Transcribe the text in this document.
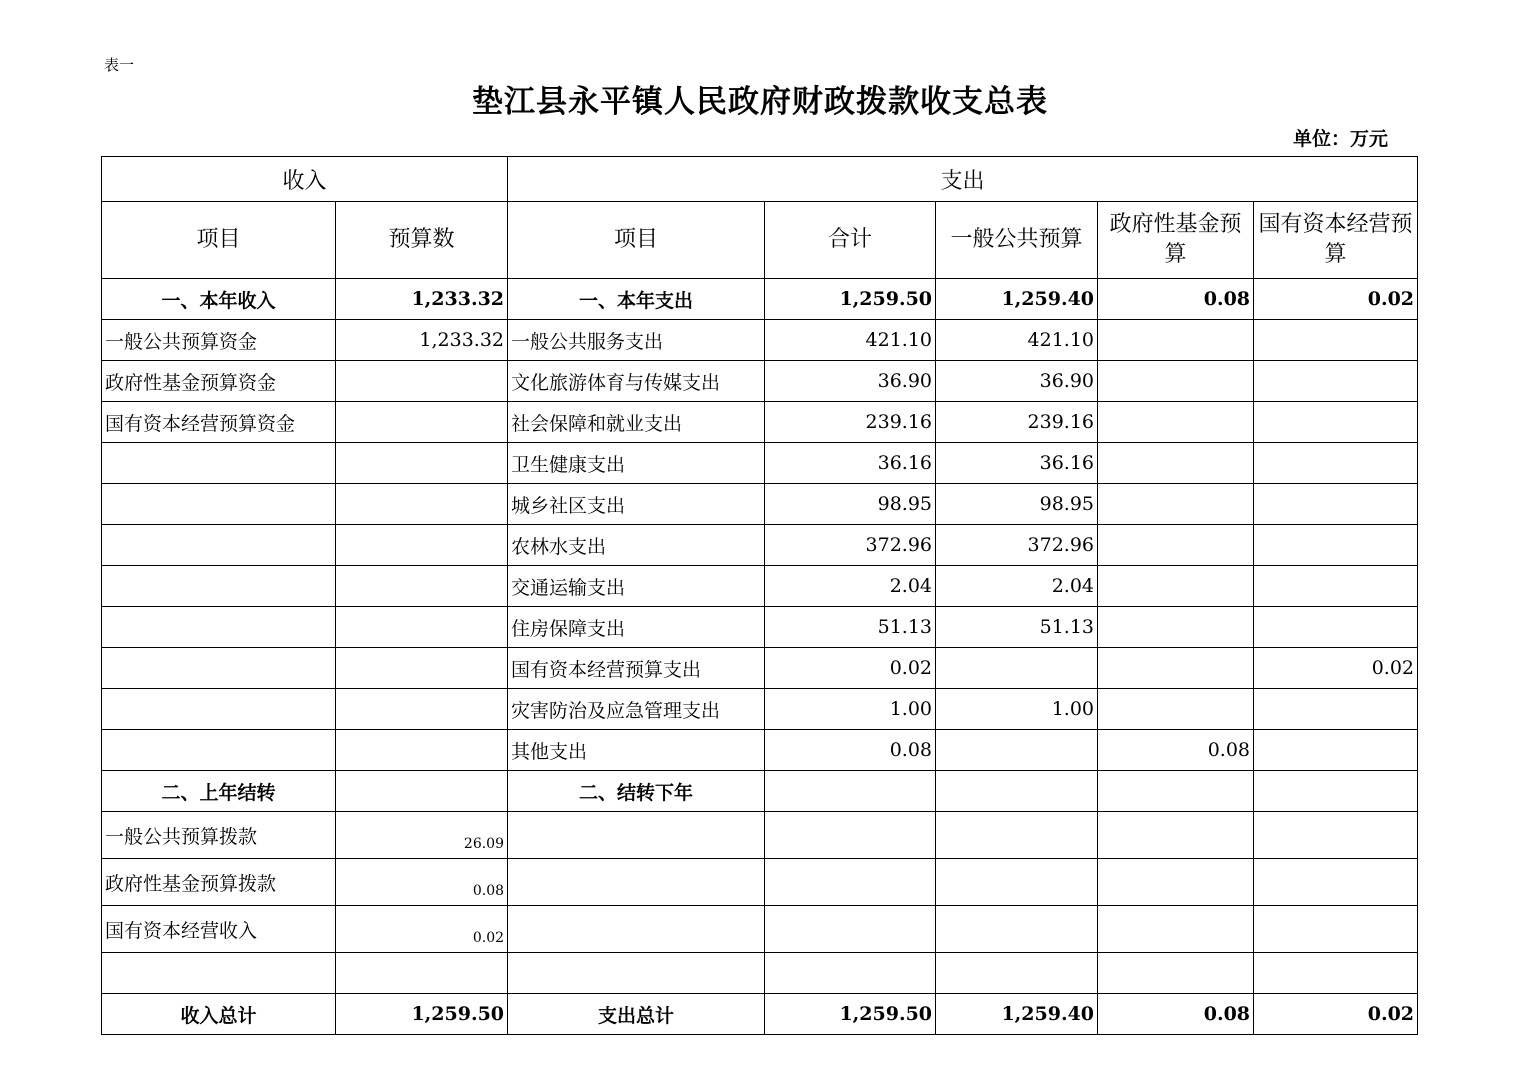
表一
垫江县永平镇人民政府财政拨款收支总表
单位：万元
收入		支出				
项目	预算数	项目	合计	一般公共预算	政府性基金预算	国有资本经营预算
一、本年收入	1,233.32	一、本年支出	1,259.50	1,259.40	0.08	0.02
一般公共预算资金	1,233.32	一般公共服务支出	421.10	421.10		
政府性基金预算资金		文化旅游体育与传媒支出	36.90	36.90		
国有资本经营预算资金		社会保障和就业支出	239.16	239.16		
		卫生健康支出	36.16	36.16		
		城乡社区支出	98.95	98.95		
		农林水支出	372.96	372.96		
		交通运输支出	2.04	2.04		
		住房保障支出	51.13	51.13		
		国有资本经营预算支出	0.02			0.02
		灾害防治及应急管理支出	1.00	1.00		
		其他支出	0.08		0.08	
二、上年结转		二、结转下年				
一般公共预算拨款	26.09					
政府性基金预算拨款	0.08					
国有资本经营收入	0.02					

收入总计	1,259.50	支出总计	1,259.50	1,259.40	0.08	0.02
